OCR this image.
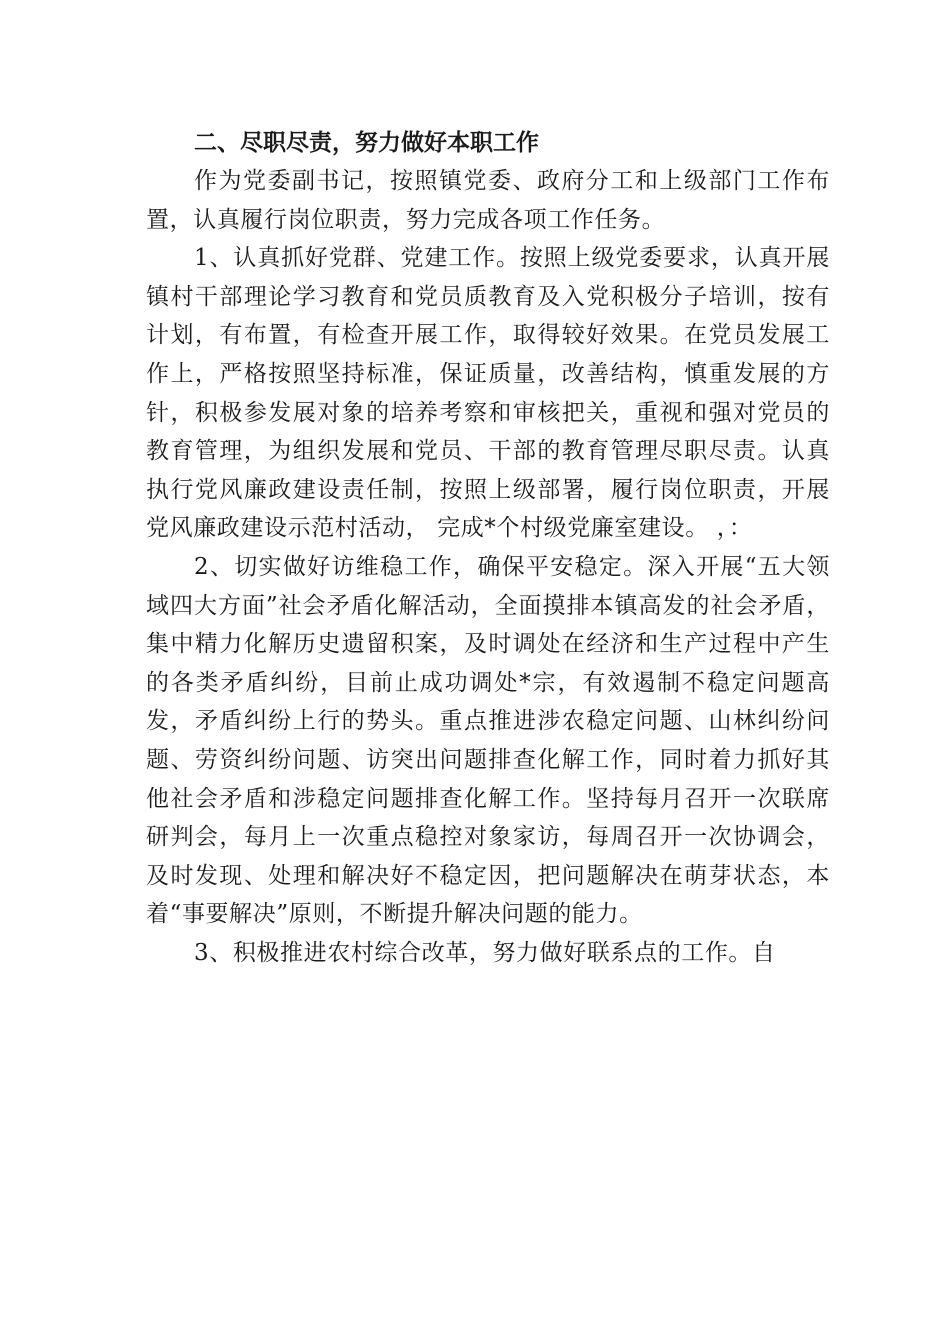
二、尽职尽责，努力做好本职工作

作为党委副书记，按照镇党委、政府分工和上级部门工作布置，认真履行岗位职责，努力完成各项工作任务。

1、认真抓好党群、党建工作。按照上级党委要求，认真开展镇村干部理论学习教育和党员质教育及入党积极分子培训，按有计划，有布置，有检查开展工作，取得较好效果。在党员发展工作上，严格按照坚持标准，保证质量，改善结构，慎重发展的方针，积极参发展对象的培养考察和审核把关，重视和强对党员的教育管理，为组织发展和党员、干部的教育管理尽职尽责。认真执行党风廉政建设责任制，按照上级部署，履行岗位职责，开展党风廉政建设示范村活动， 完成*个村级党廉室建设。 ，：

2、切实做好访维稳工作，确保平安稳定。深入开展“五大领域四大方面”社会矛盾化解活动，全面摸排本镇高发的社会矛盾，集中精力化解历史遗留积案，及时调处在经济和生产过程中产生的各类矛盾纠纷，目前止成功调处*宗，有效遏制不稳定问题高发，矛盾纠纷上行的势头。重点推进涉农稳定问题、山林纠纷问题、劳资纠纷问题、访突出问题排查化解工作，同时着力抓好其他社会矛盾和涉稳定问题排查化解工作。坚持每月召开一次联席研判会，每月上一次重点稳控对象家访，每周召开一次协调会，及时发现、处理和解决好不稳定因，把问题解决在萌芽状态，本着“事要解决”原则，不断提升解决问题的能力。

3、积极推进农村综合改革，努力做好联系点的工作。自
